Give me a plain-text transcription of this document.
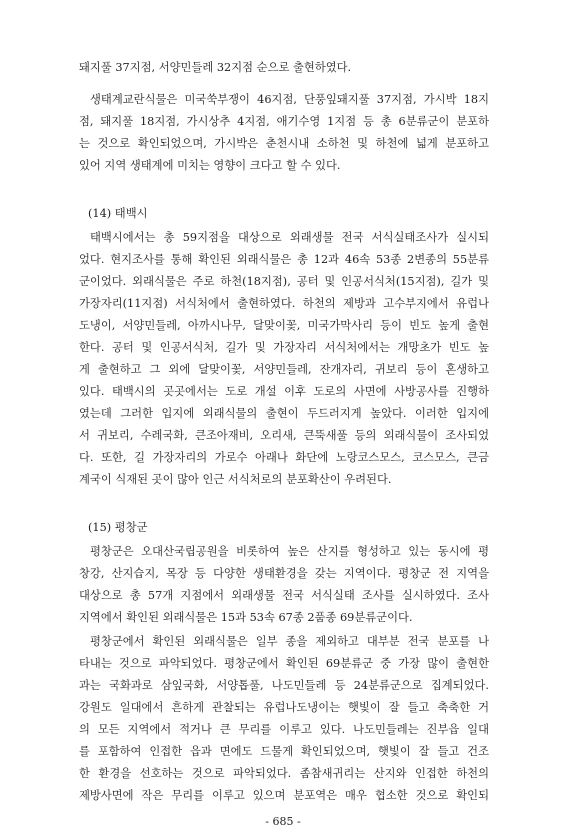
돼지풀 37지점, 서양민들레 32지점 순으로 출현하였다.
생태계교란식물은 미국쑥부쟁이 46지점, 단풍잎돼지풀 37지점, 가시박 18지
점, 돼지풀 18지점, 가시상추 4지점, 애기수영 1지점 등 총 6분류군이 분포하
는 것으로 확인되었으며, 가시박은 춘천시내 소하천 및 하천에 넓게 분포하고
있어 지역 생태계에 미치는 영향이 크다고 할 수 있다.
(14) 태백시
태백시에서는 총 59지점을 대상으로 외래생물 전국 서식실태조사가 실시되
었다. 현지조사를 통해 확인된 외래식물은 총 12과 46속 53종 2변종의 55분류
군이었다. 외래식물은 주로 하천(18지점), 공터 및 인공서식처(15지점), 길가 및
가장자리(11지점) 서식처에서 출현하였다. 하천의 제방과 고수부지에서 유럽나
도냉이, 서양민들레, 아까시나무, 달맞이꽃, 미국가막사리 등이 빈도 높게 출현
한다. 공터 및 인공서식처, 길가 및 가장자리 서식처에서는 개망초가 빈도 높
게 출현하고 그 외에 달맞이꽃, 서양민들레, 잔개자리, 귀보리 등이 혼생하고
있다. 태백시의 곳곳에서는 도로 개설 이후 도로의 사면에 사방공사를 진행하
였는데 그러한 입지에 외래식물의 출현이 두드러지게 높았다. 이러한 입지에
서 귀보리, 수레국화, 큰조아재비, 오리새, 큰뚝새풀 등의 외래식물이 조사되었
다. 또한, 길 가장자리의 가로수 아래나 화단에 노랑코스모스, 코스모스, 큰금
계국이 식재된 곳이 많아 인근 서식처로의 분포확산이 우려된다.
(15) 평창군
평창군은 오대산국립공원을 비롯하여 높은 산지를 형성하고 있는 동시에 평
창강, 산지습지, 목장 등 다양한 생태환경을 갖는 지역이다. 평창군 전 지역을
대상으로 총 57개 지점에서 외래생물 전국 서식실태 조사를 실시하였다. 조사
지역에서 확인된 외래식물은 15과 53속 67종 2품종 69분류군이다.
평창군에서 확인된 외래식물은 일부 종을 제외하고 대부분 전국 분포를 나
타내는 것으로 파악되었다. 평창군에서 확인된 69분류군 중 가장 많이 출현한
과는 국화과로 삼잎국화, 서양톱풀, 나도민들레 등 24분류군으로 집계되었다.
강원도 일대에서 흔하게 관찰되는 유럽나도냉이는 햇빛이 잘 들고 축축한 거
의 모든 지역에서 적거나 큰 무리를 이루고 있다. 나도민들레는 진부읍 일대
를 포함하여 인접한 읍과 면에도 드물게 확인되었으며, 햇빛이 잘 들고 건조
한 환경을 선호하는 것으로 파악되었다. 좀참새귀리는 산지와 인접한 하천의
제방사면에 작은 무리를 이루고 있으며 분포역은 매우 협소한 것으로 확인되
- 685 -
